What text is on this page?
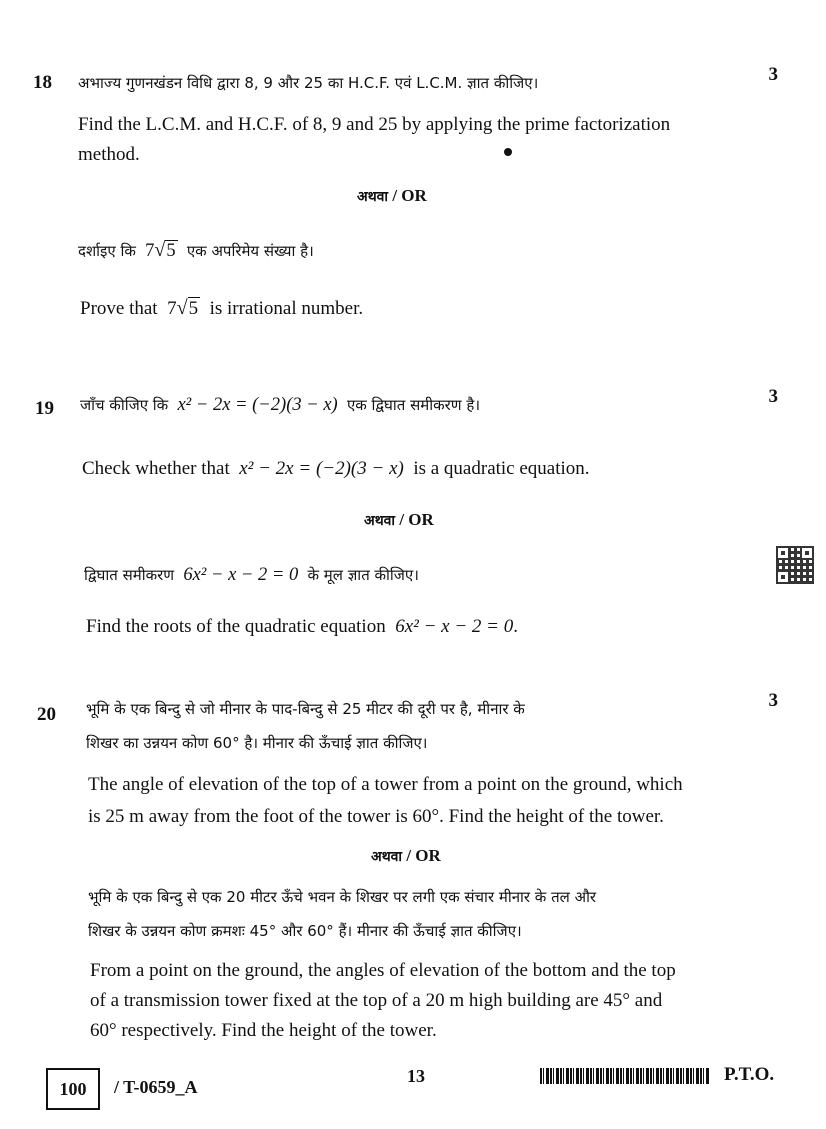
18	3
अभाज्य गुणनखंडन विधि द्वारा 8, 9 और 25 का H.C.F. एवं L.C.M. ज्ञात कीजिए।
Find the L.C.M. and H.C.F. of 8, 9 and 25 by applying the prime factorization
method.
अथवा / OR
दर्शाइए कि 7√5 एक अपरिमेय संख्या है।
Prove that 7√5 is irrational number.
19
3
जाँच कीजिए कि x² − 2x = (−2)(3 − x) एक द्विघात समीकरण है।
Check whether that x² − 2x = (−2)(3 − x) is a quadratic equation.
अथवा / OR
द्विघात समीकरण 6x² − x − 2 = 0 के मूल ज्ञात कीजिए।
Find the roots of the quadratic equation 6x² − x − 2 = 0.
20
3
भूमि के एक बिन्दु से जो मीनार के पाद-बिन्दु से 25 मीटर की दूरी पर है, मीनार के
शिखर का उन्नयन कोण 60° है। मीनार की ऊँचाई ज्ञात कीजिए।
The angle of elevation of the top of a tower from a point on the ground, which
is 25 m away from the foot of the tower is 60°. Find the height of the tower.
अथवा / OR
भूमि के एक बिन्दु से एक 20 मीटर ऊँचे भवन के शिखर पर लगी एक संचार मीनार के तल और
शिखर के उन्नयन कोण क्रमशः 45° और 60° हैं। मीनार की ऊँचाई ज्ञात कीजिए।
From a point on the ground, the angles of elevation of the bottom and the top
of a transmission tower fixed at the top of a 20 m high building are 45° and
60° respectively. Find the height of the tower.
100	/ T-0659_A
13	P.T.O.
